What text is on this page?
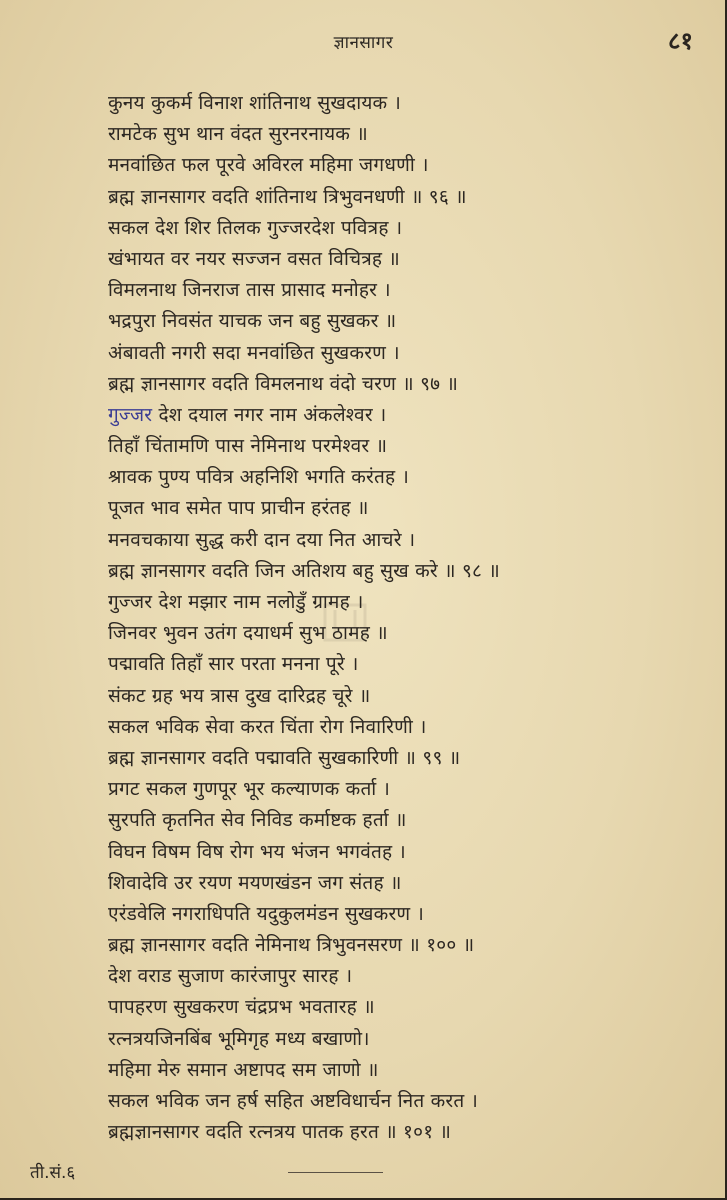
ज्ञानसागर	८१
कुनय कुकर्म विनाश शांतिनाथ सुखदायक ।
रामटेक सुभ थान वंदत सुरनरनायक ॥
मनवांछित फल पूरवे अविरल महिमा जगधणी ।
ब्रह्म ज्ञानसागर वदति शांतिनाथ त्रिभुवनधणी ॥ ९६ ॥
सकल देश शिर तिलक गुज्जरदेश पवित्रह ।
खंभायत वर नयर सज्जन वसत विचित्रह ॥
विमलनाथ जिनराज तास प्रासाद मनोहर ।
भद्रपुरा निवसंत याचक जन बहु सुखकर ॥
अंबावती नगरी सदा मनवांछित सुखकरण ।
ब्रह्म ज्ञानसागर वदति विमलनाथ वंदो चरण ॥ ९७ ॥
गुज्जर देश दयाल नगर नाम अंकलेश्वर ।
तिहाँ चिंतामणि पास नेमिनाथ परमेश्वर ॥
श्रावक पुण्य पवित्र अहनिशि भगति करंतह ।
पूजत भाव समेत पाप प्राचीन हरंतह ॥
मनवचकाया सुद्ध करी दान दया नित आचरे ।
ब्रह्म ज्ञानसागर वदति जिन अतिशय बहु सुख करे ॥ ९८ ॥
गुज्जर देश मझार नाम नलोडुँ ग्रामह ।
जिनवर भुवन उतंग दयाधर्म सुभ ठामह ॥
पद्मावति तिहाँ सार परता मनना पूरे ।
संकट ग्रह भय त्रास दुख दारिद्रह चूरे ॥
सकल भविक सेवा करत चिंता रोग निवारिणी ।
ब्रह्म ज्ञानसागर वदति पद्मावति सुखकारिणी ॥ ९९ ॥
प्रगट सकल गुणपूर भूर कल्याणक कर्ता ।
सुरपति कृतनित सेव निविड कर्माष्टक हर्ता ॥
विघन विषम विष रोग भय भंजन भगवंतह ।
शिवादेवि उर रयण मयणखंडन जग संतह ॥
एरंडवेलि नगराधिपति यदुकुलमंडन सुखकरण ।
ब्रह्म ज्ञानसागर वदति नेमिनाथ त्रिभुवनसरण ॥ १०० ॥
देश वराड सुजाण कारंजापुर सारह ।
पापहरण सुखकरण चंद्रप्रभ भवतारह ॥
रत्नत्रयजिनबिंब भूमिगृह मध्य बखाणो।
महिमा मेरु समान अष्टापद सम जाणो ॥
सकल भविक जन हर्ष सहित अष्टविधार्चन नित करत ।
ब्रह्मज्ञानसागर वदति रत्नत्रय पातक हरत ॥ १०१ ॥
ती.सं.६
